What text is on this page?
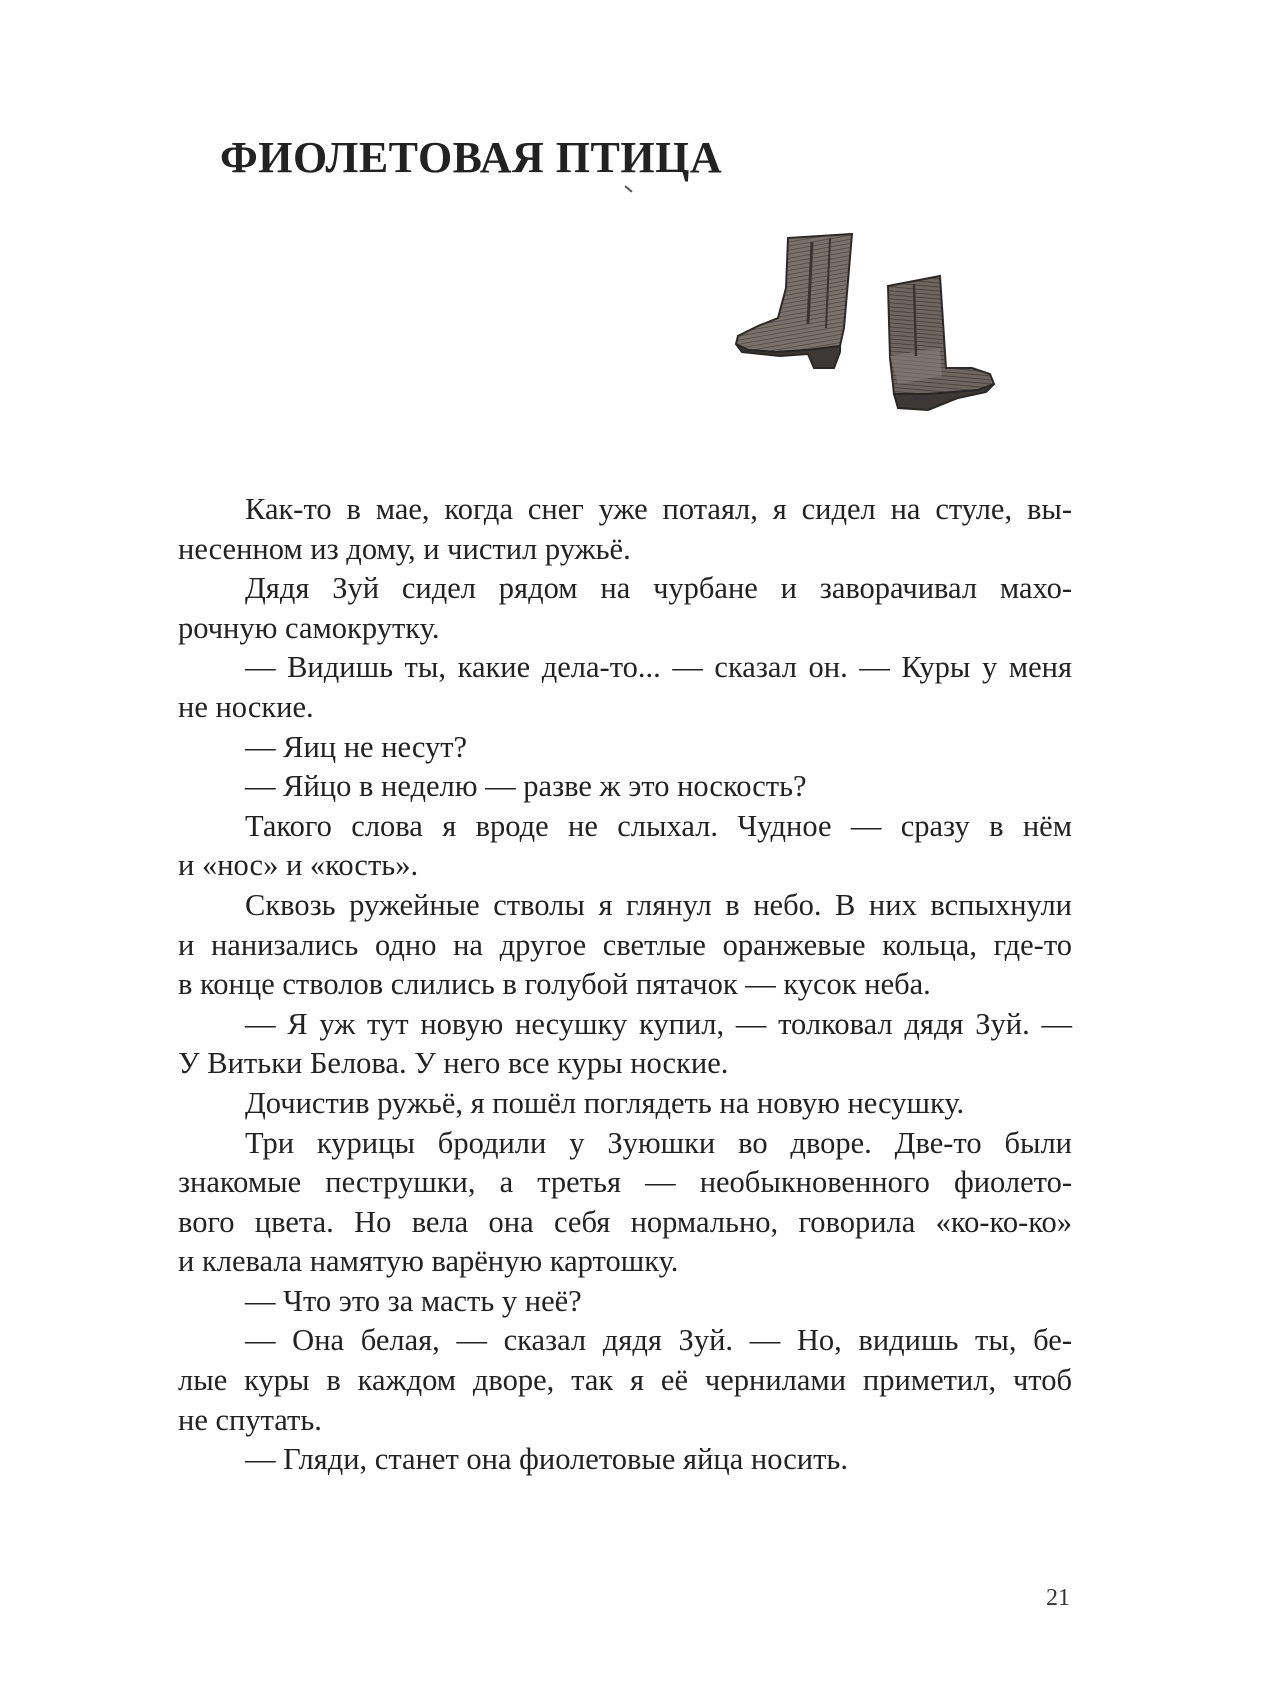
ФИОЛЕТОВАЯ ПТИЦА
Как-то в мае, когда снег уже потаял, я сидел на стуле, вы-
несенном из дому, и чистил ружьё.
Дядя Зуй сидел рядом на чурбане и заворачивал махо-
рочную самокрутку.
— Видишь ты, какие дела-то... — сказал он. — Куры у меня
не ноские.
— Яиц не несут?
— Яйцо в неделю — разве ж это носкость?
Такого слова я вроде не слыхал. Чудное — сразу в нём
и «нос» и «кость».
Сквозь ружейные стволы я глянул в небо. В них вспыхнули
и нанизались одно на другое светлые оранжевые кольца, где-то
в конце стволов слились в голубой пятачок — кусок неба.
— Я уж тут новую несушку купил, — толковал дядя Зуй. —
У Витьки Белова. У него все куры ноские.
Дочистив ружьё, я пошёл поглядеть на новую несушку.
Три курицы бродили у Зуюшки во дворе. Две-то были
знакомые пеструшки, а третья — необыкновенного фиолето-
вого цвета. Но вела она себя нормально, говорила «ко-ко-ко»
и клевала намятую варёную картошку.
— Что это за масть у неё?
— Она белая, — сказал дядя Зуй. — Но, видишь ты, бе-
лые куры в каждом дворе, так я её чернилами приметил, чтоб
не спутать.
— Гляди, станет она фиолетовые яйца носить.
21
